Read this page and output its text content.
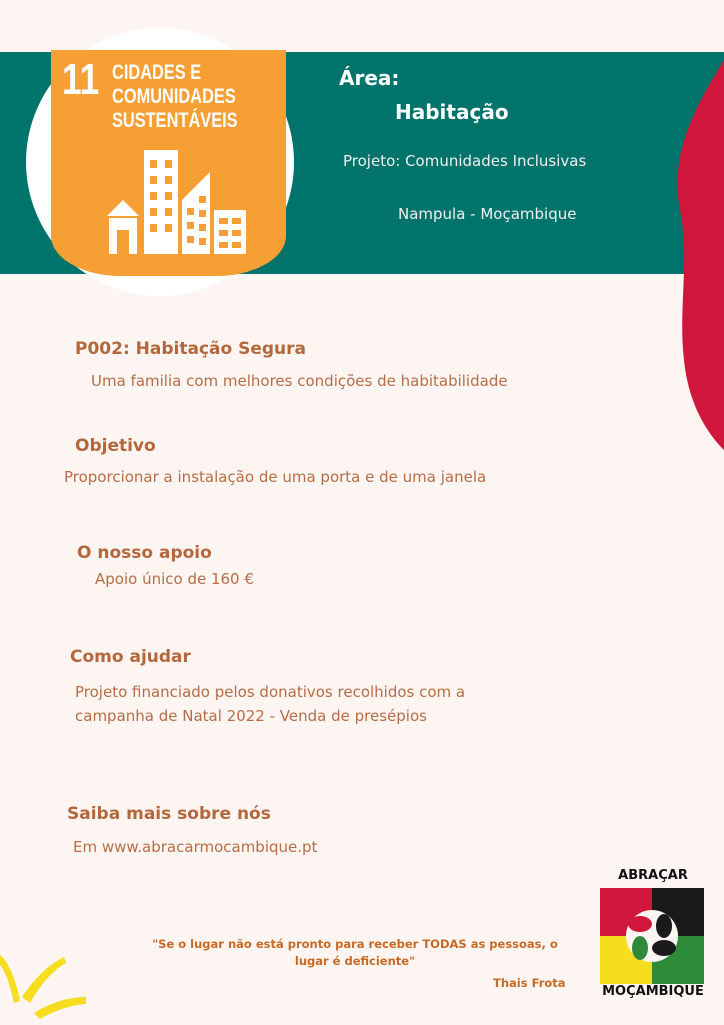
11 CIDADES E
COMUNIDADES
SUSTENTÁVEIS
Área:
Habitação
Projeto: Comunidades Inclusivas
Nampula - Moçambique
P002: Habitação Segura
Uma familia com melhores condições de habitabilidade
Objetivo
Proporcionar a instalação de uma porta e de uma janela
O nosso apoio
Apoio único de 160 €
Como ajudar
Projeto financiado pelos donativos recolhidos com a
campanha de Natal 2022 - Venda de presépios
Saiba mais sobre nós
Em www.abracarmocambique.pt
"Se o lugar não está pronto para receber TODAS as pessoas, o
lugar é deficiente"
Thais Frota
ABRAÇAR
MOÇAMBIQUE
